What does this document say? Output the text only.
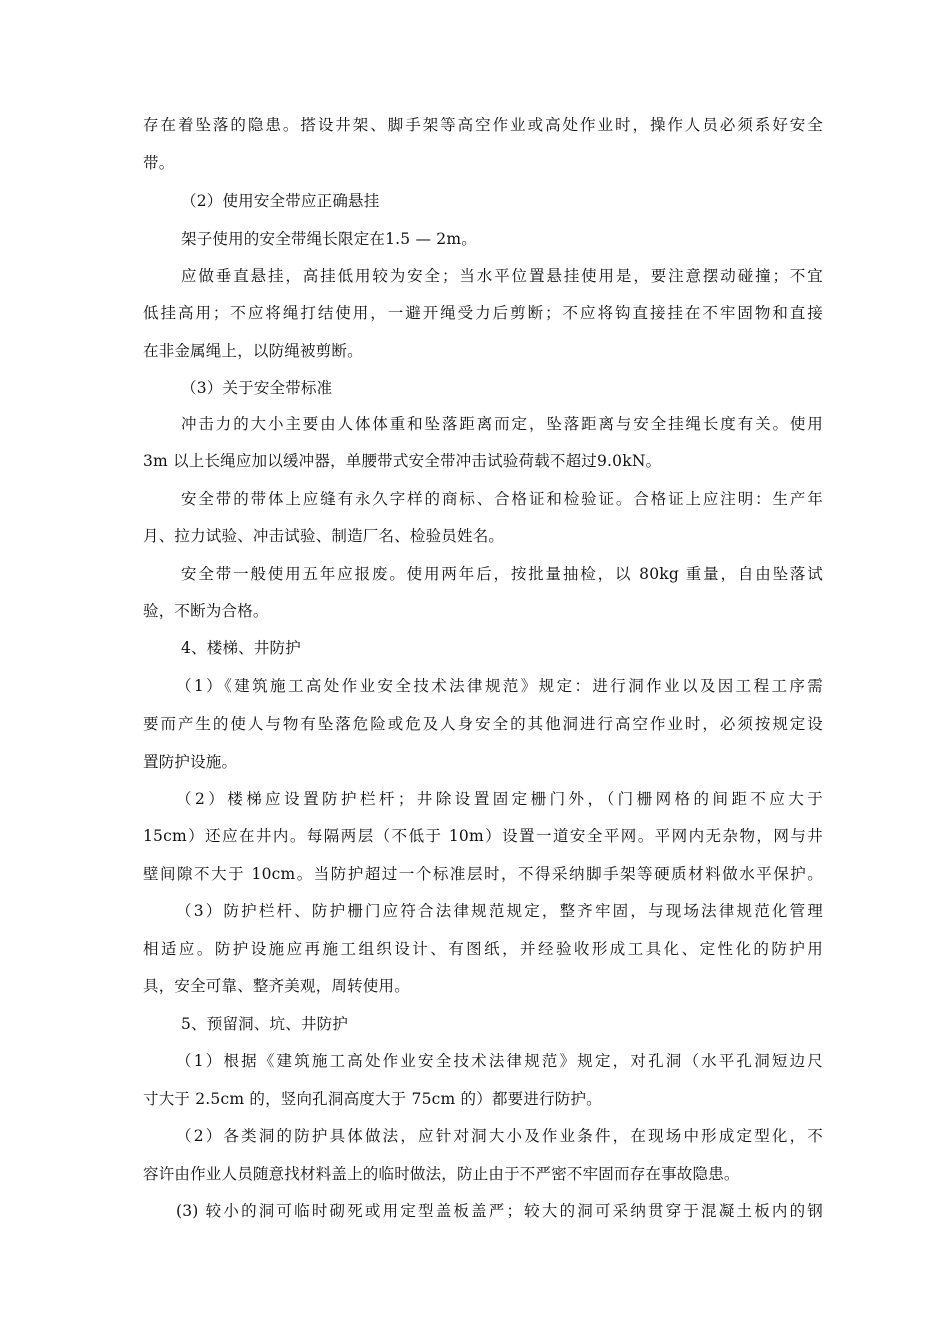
存在着坠落的隐患。搭设井架、脚手架等高空作业或高处作业时，操作人员必须系好安全
带。
（2）使用安全带应正确悬挂
架子使用的安全带绳长限定在1.5 — 2m。
应做垂直悬挂，高挂低用较为安全；当水平位置悬挂使用是，要注意摆动碰撞；不宜
低挂高用；不应将绳打结使用，一避开绳受力后剪断；不应将钩直接挂在不牢固物和直接
在非金属绳上，以防绳被剪断。
（3）关于安全带标准
冲击力的大小主要由人体体重和坠落距离而定，坠落距离与安全挂绳长度有关。使用
3m 以上长绳应加以缓冲器，单腰带式安全带冲击试验荷载不超过9.0kN。
安全带的带体上应缝有永久字样的商标、合格证和检验证。合格证上应注明：生产年
月、拉力试验、冲击试验、制造厂名、检验员姓名。
安全带一般使用五年应报废。使用两年后，按批量抽检，以 80kg 重量，自由坠落试
验，不断为合格。
4、楼梯、井防护
（1）《建筑施工高处作业安全技术法律规范》规定：进行洞作业以及因工程工序需
要而产生的使人与物有坠落危险或危及人身安全的其他洞进行高空作业时，必须按规定设
置防护设施。
（2）楼梯应设置防护栏杆；井除设置固定栅门外，（门栅网格的间距不应大于
15cm）还应在井内。每隔两层（不低于 10m）设置一道安全平网。平网内无杂物，网与井
壁间隙不大于 10cm。当防护超过一个标准层时，不得采纳脚手架等硬质材料做水平保护。
（3）防护栏杆、防护栅门应符合法律规范规定，整齐牢固，与现场法律规范化管理
相适应。防护设施应再施工组织设计、有图纸，并经验收形成工具化、定性化的防护用
具，安全可靠、整齐美观，周转使用。
5、预留洞、坑、井防护
（1）根据《建筑施工高处作业安全技术法律规范》规定，对孔洞（水平孔洞短边尺
寸大于 2.5cm 的，竖向孔洞高度大于 75cm 的）都要进行防护。
（2）各类洞的防护具体做法，应针对洞大小及作业条件，在现场中形成定型化，不
容许由作业人员随意找材料盖上的临时做法，防止由于不严密不牢固而存在事故隐患。
(3) 较小的洞可临时砌死或用定型盖板盖严；较大的洞可采纳贯穿于混凝土板内的钢
